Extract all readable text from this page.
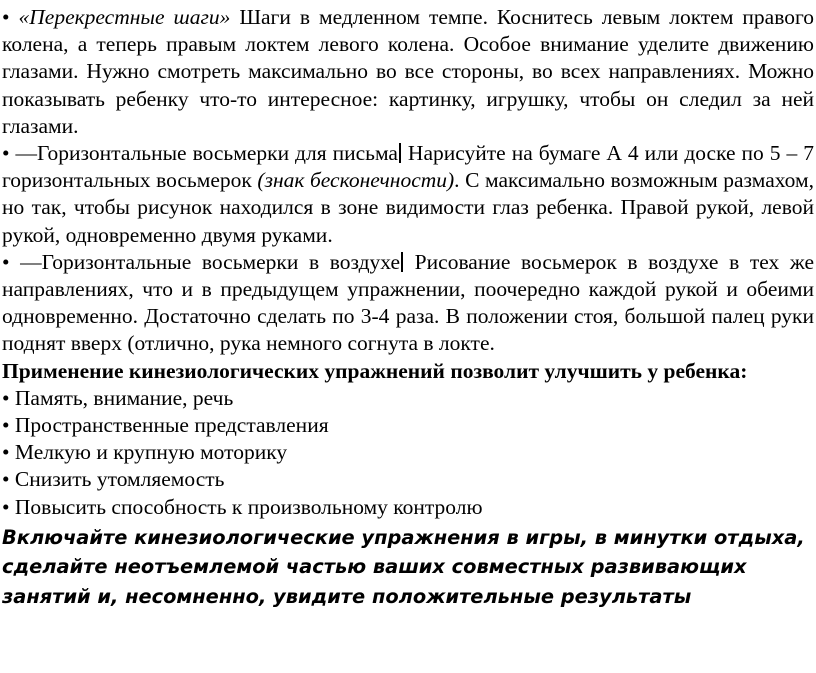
• «Перекрестные шаги» Шаги в медленном темпе. Коснитесь левым локтем правого колена, а теперь правым локтем левого колена. Особое внимание уделите движению глазами. Нужно смотреть максимально во все стороны, во всех направлениях. Можно показывать ребенку что-то интересное: картинку, игрушку, чтобы он следил за ней глазами.

• —Горизонтальные восьмерки для письма Нарисуйте на бумаге А 4 или доске по 5 – 7 горизонтальных восьмерок (знак бесконечности). С максимально возможным размахом, но так, чтобы рисунок находился в зоне видимости глаз ребенка. Правой рукой, левой рукой, одновременно двумя руками.

• —Горизонтальные восьмерки в воздухе Рисование восьмерок в воздухе в тех же направлениях, что и в предыдущем упражнении, поочередно каждой рукой и обеими одновременно. Достаточно сделать по 3-4 раза. В положении стоя, большой палец руки поднят вверх (отлично, рука немного согнута в локте.

Применение кинезиологических упражнений позволит улучшить у ребенка:

• Память, внимание, речь

• Пространственные представления

• Мелкую и крупную моторику

• Снизить утомляемость

• Повысить способность к произвольному контролю

Включайте кинезиологические упражнения в игры, в минутки отдыха,
сделайте неотъемлемой частью ваших совместных развивающих
занятий и, несомненно, увидите положительные результаты
